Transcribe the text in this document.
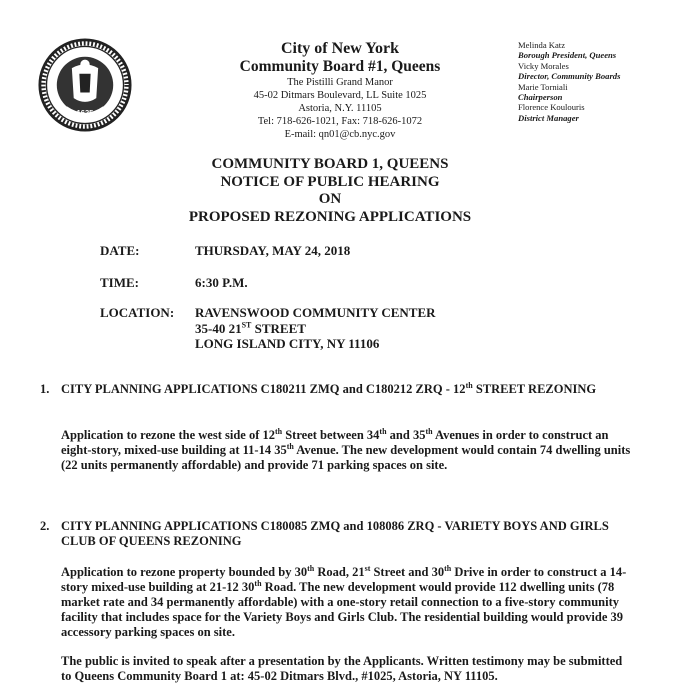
1625
City of New York
Community Board #1, Queens
The Pistilli Grand Manor
45-02 Ditmars Boulevard, LL Suite 1025
Astoria, N.Y. 11105
Tel: 718-626-1021, Fax: 718-626-1072
E-mail: qn01@cb.nyc.gov
Melinda Katz
Borough President, Queens
Vicky Morales
Director, Community Boards
Marie Torniali
Chairperson
Florence Koulouris
District Manager
COMMUNITY BOARD 1, QUEENS
NOTICE OF PUBLIC HEARING
ON
PROPOSED REZONING APPLICATIONS
DATE:	THURSDAY, MAY 24, 2018
TIME:	6:30 P.M.
LOCATION:	RAVENSWOOD COMMUNITY CENTER
35-40 21ST STREET
LONG ISLAND CITY, NY 11106
1. CITY PLANNING APPLICATIONS C180211 ZMQ and C180212 ZRQ - 12th STREET REZONING
Application to rezone the west side of 12th Street between 34th and 35th Avenues in order to construct an eight-story, mixed-use building at 11-14 35th Avenue. The new development would contain 74 dwelling units (22 units permanently affordable) and provide 71 parking spaces on site.
2. CITY PLANNING APPLICATIONS C180085 ZMQ and 108086 ZRQ - VARIETY BOYS AND GIRLS CLUB OF QUEENS REZONING
Application to rezone property bounded by 30th Road, 21st Street and 30th Drive in order to construct a 14-story mixed-use building at 21-12 30th Road. The new development would provide 112 dwelling units (78 market rate and 34 permanently affordable) with a one-story retail connection to a five-story community facility that includes space for the Variety Boys and Girls Club. The residential building would provide 39 accessory parking spaces on site.
The public is invited to speak after a presentation by the Applicants. Written testimony may be submitted to Queens Community Board 1 at: 45-02 Ditmars Blvd., #1025, Astoria, NY 11105.
